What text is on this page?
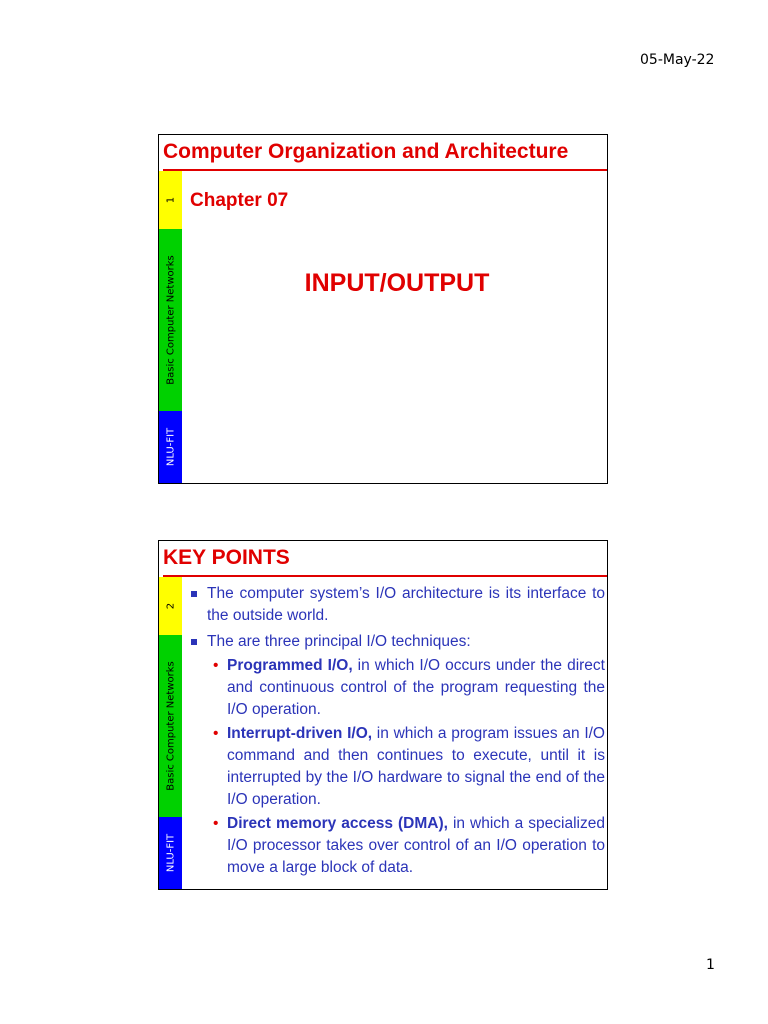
05-May-22
Computer Organization and Architecture
1
Basic Computer Networks
NLU-FIT
Chapter 07
INPUT/OUTPUT
KEY POINTS
2
Basic Computer Networks
NLU-FIT
The computer system’s I/O architecture is its interface to the outside world.
The are three principal I/O techniques:
• Programmed I/O, in which I/O occurs under the direct and continuous control of the program requesting the I/O operation.
• Interrupt-driven I/O, in which a program issues an I/O command and then continues to execute, until it is interrupted by the I/O hardware to signal the end of the I/O operation.
• Direct memory access (DMA), in which a specialized I/O processor takes over control of an I/O operation to move a large block of data.
1
